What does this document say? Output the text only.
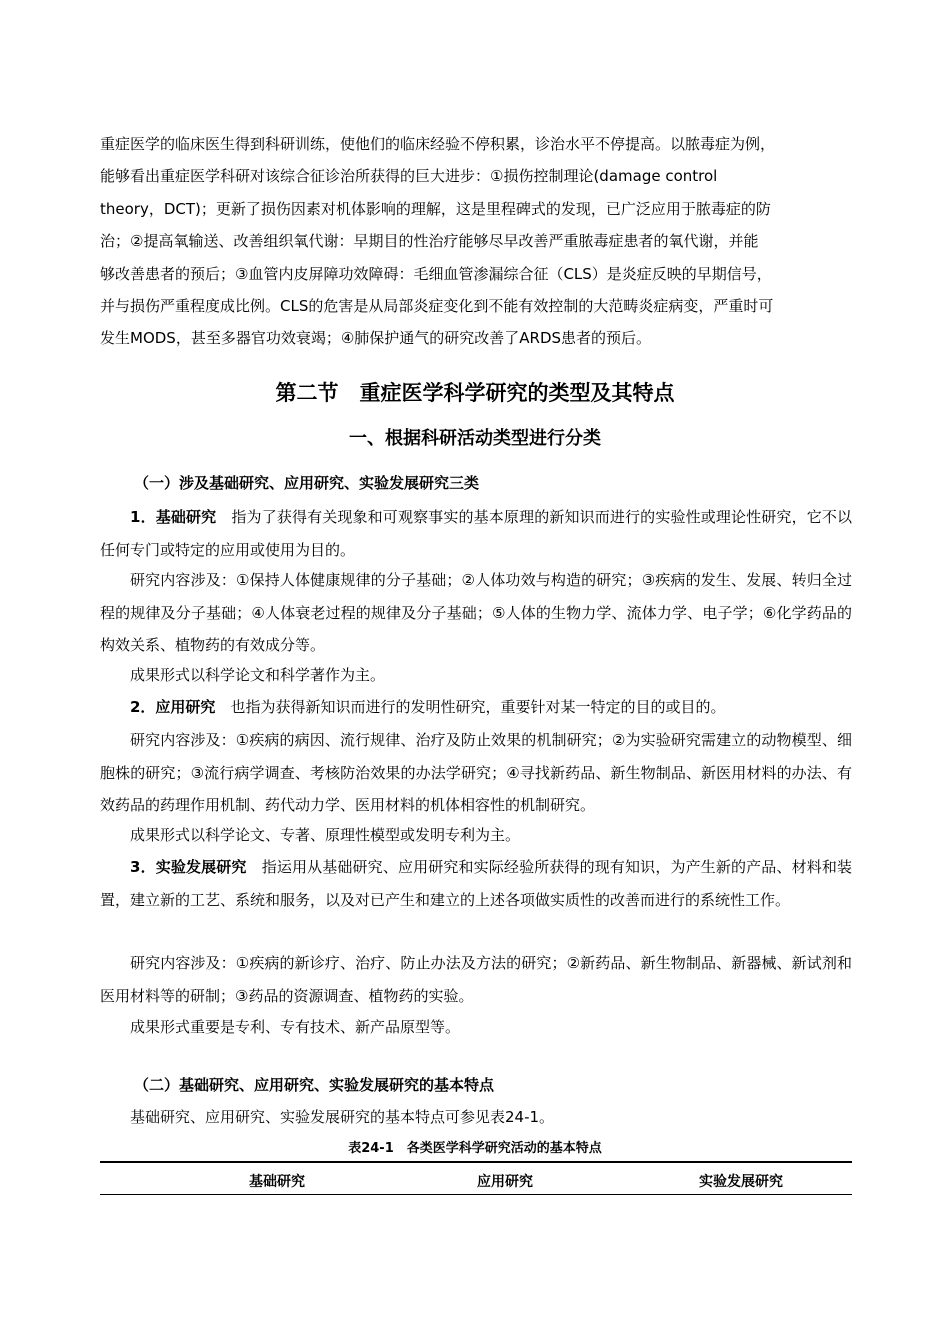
重症医学的临床医生得到科研训练，使他们的临床经验不停积累，诊治水平不停提高。以脓毒症为例，
能够看出重症医学科研对该综合征诊治所获得的巨大进步：①损伤控制理论(damage control
theory，DCT)；更新了损伤因素对机体影响的理解，这是里程碑式的发现，已广泛应用于脓毒症的防
治；②提高氧输送、改善组织氧代谢：早期目的性治疗能够尽早改善严重脓毒症患者的氧代谢，并能
够改善患者的预后；③血管内皮屏障功效障碍：毛细血管渗漏综合征（CLS）是炎症反映的早期信号，
并与损伤严重程度成比例。CLS的危害是从局部炎症变化到不能有效控制的大范畴炎症病变，严重时可
发生MODS，甚至多器官功效衰竭；④肺保护通气的研究改善了ARDS患者的预后。
第二节　重症医学科学研究的类型及其特点
一、根据科研活动类型进行分类
（一）涉及基础研究、应用研究、实验发展研究三类

1．基础研究　指为了获得有关现象和可观察事实的基本原理的新知识而进行的实验性或理论性研究，它不以任何专门或特定的应用或使用为目的。

研究内容涉及：①保持人体健康规律的分子基础；②人体功效与构造的研究；③疾病的发生、发展、转归全过程的规律及分子基础；④人体衰老过程的规律及分子基础；⑤人体的生物力学、流体力学、电子学；⑥化学药品的构效关系、植物药的有效成分等。

成果形式以科学论文和科学著作为主。

2．应用研究　也指为获得新知识而进行的发明性研究，重要针对某一特定的目的或目的。

研究内容涉及：①疾病的病因、流行规律、治疗及防止效果的机制研究；②为实验研究需建立的动物模型、细胞株的研究；③流行病学调查、考核防治效果的办法学研究；④寻找新药品、新生物制品、新医用材料的办法、有效药品的药理作用机制、药代动力学、医用材料的机体相容性的机制研究。

成果形式以科学论文、专著、原理性模型或发明专利为主。

3．实验发展研究　指运用从基础研究、应用研究和实际经验所获得的现有知识，为产生新的产品、材料和装置，建立新的工艺、系统和服务，以及对已产生和建立的上述各项做实质性的改善而进行的系统性工作。

研究内容涉及：①疾病的新诊疗、治疗、防止办法及方法的研究；②新药品、新生物制品、新器械、新试剂和医用材料等的研制；③药品的资源调查、植物药的实验。

成果形式重要是专利、专有技术、新产品原型等。

（二）基础研究、应用研究、实验发展研究的基本特点

基础研究、应用研究、实验发展研究的基本特点可参见表24-1。

表24-1　各类医学科学研究活动的基本特点
基础研究	应用研究	实验发展研究
